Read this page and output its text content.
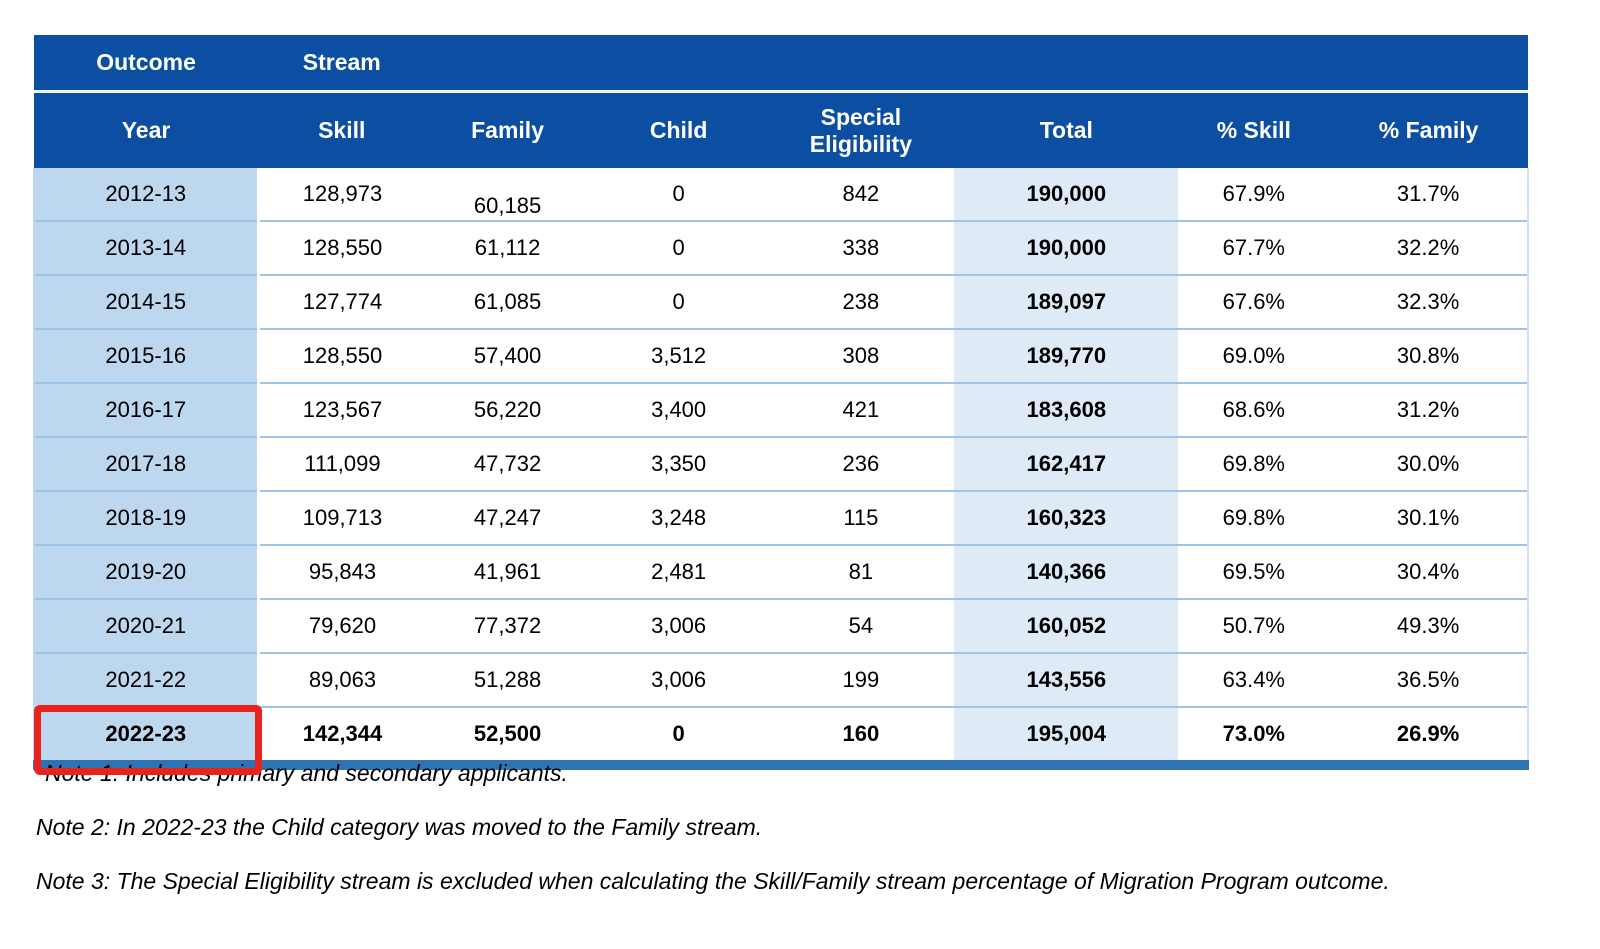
Outcome	Stream						
Year	Skill	Family	Child	Special Eligibility	Total	% Skill	% Family
2012-13	128,973	60,185	0	842	190,000	67.9%	31.7%
2013-14	128,550	61,112	0	338	190,000	67.7%	32.2%
2014-15	127,774	61,085	0	238	189,097	67.6%	32.3%
2015-16	128,550	57,400	3,512	308	189,770	69.0%	30.8%
2016-17	123,567	56,220	3,400	421	183,608	68.6%	31.2%
2017-18	111,099	47,732	3,350	236	162,417	69.8%	30.0%
2018-19	109,713	47,247	3,248	115	160,323	69.8%	30.1%
2019-20	95,843	41,961	2,481	81	140,366	69.5%	30.4%
2020-21	79,620	77,372	3,006	54	160,052	50.7%	49.3%
2021-22	89,063	51,288	3,006	199	143,556	63.4%	36.5%
2022-23	142,344	52,500	0	160	195,004	73.0%	26.9%

Note 1: Includes primary and secondary applicants.

Note 2: In 2022-23 the Child category was moved to the Family stream.

Note 3: The Special Eligibility stream is excluded when calculating the Skill/Family stream percentage of Migration Program outcome.
